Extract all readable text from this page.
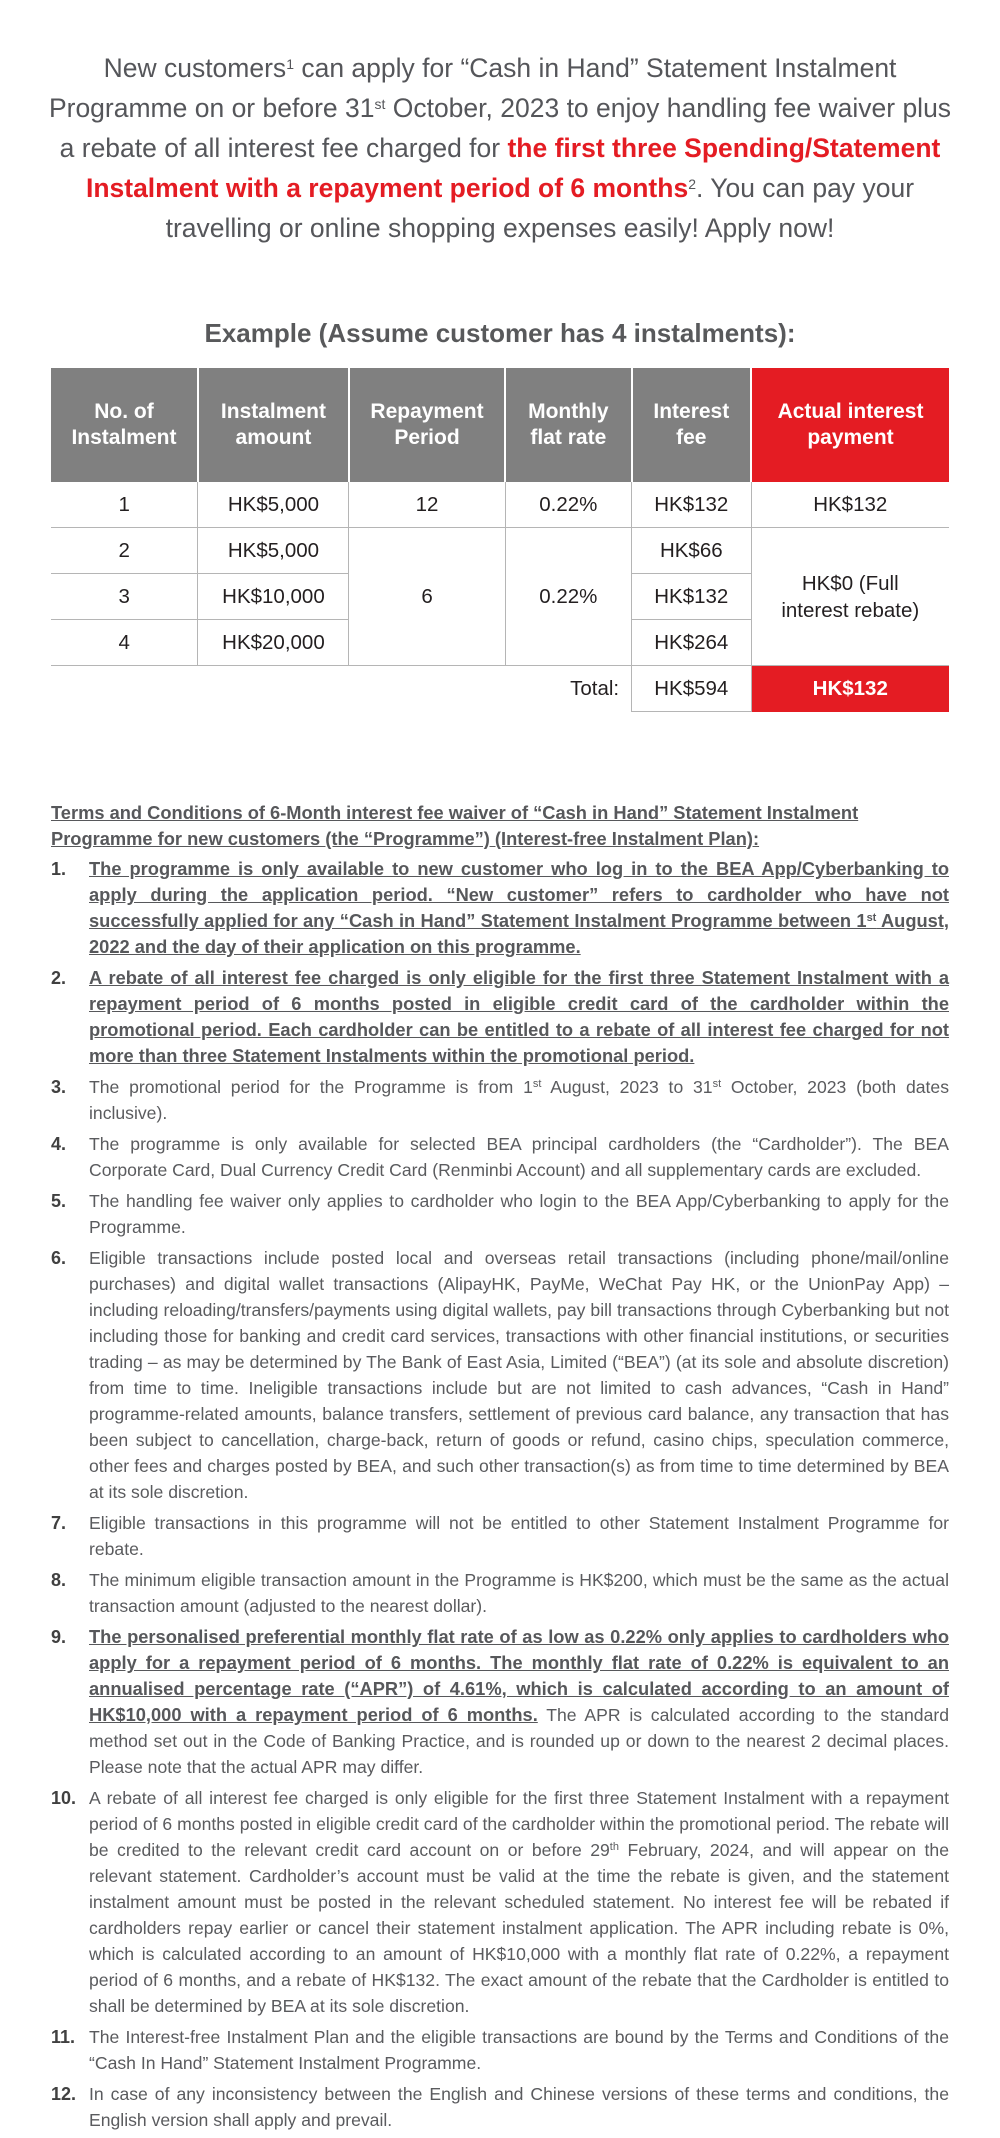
New customers$^1$ can apply for “Cash in Hand” Statement Instalment Programme on or before 31st October, 2023 to enjoy handling fee waiver plus a rebate of all interest fee charged for the first three Spending/Statement Instalment with a repayment period of 6 months$^2$. You can pay your travelling or online shopping expenses easily! Apply now!
Example (Assume customer has 4 instalments):
No. of Instalment	Instalment amount	Repayment Period	Monthly flat rate	Interest fee	Actual interest payment
1	HK$5,000	12	0.22%	HK$132	HK$132
2	HK$5,000	6	0.22%	HK$66	HK$0 (Full interest rebate)

3	HK$10,000			HK$132	
4	HK$20,000			HK$264	
Total:				HK$594	HK$132
Terms and Conditions of 6-Month interest fee waiver of “Cash in Hand” Statement Instalment Programme for new customers (the “Programme”) (Interest-free Instalment Plan):
1. The programme is only available to new customer who log in to the BEA App/Cyberbanking to apply during the application period. “New customer” refers to cardholder who have not successfully applied for any “Cash in Hand” Statement Instalment Programme between 1st August, 2022 and the day of their application on this programme.
2. A rebate of all interest fee charged is only eligible for the first three Statement Instalment with a repayment period of 6 months posted in eligible credit card of the cardholder within the promotional period. Each cardholder can be entitled to a rebate of all interest fee charged for not more than three Statement Instalments within the promotional period.
3. The promotional period for the Programme is from 1st August, 2023 to 31st October, 2023 (both dates inclusive).
4. The programme is only available for selected BEA principal cardholders (the “Cardholder”). The BEA Corporate Card, Dual Currency Credit Card (Renminbi Account) and all supplementary cards are excluded.
5. The handling fee waiver only applies to cardholder who login to the BEA App/Cyberbanking to apply for the Programme.
6. Eligible transactions include posted local and overseas retail transactions (including phone/mail/online purchases) and digital wallet transactions (AlipayHK, PayMe, WeChat Pay HK, or the UnionPay App) – including reloading/transfers/payments using digital wallets, pay bill transactions through Cyberbanking but not including those for banking and credit card services, transactions with other financial institutions, or securities trading – as may be determined by The Bank of East Asia, Limited (“BEA”) (at its sole and absolute discretion) from time to time. Ineligible transactions include but are not limited to cash advances, “Cash in Hand” programme-related amounts, balance transfers, settlement of previous card balance, any transaction that has been subject to cancellation, charge-back, return of goods or refund, casino chips, speculation commerce, other fees and charges posted by BEA, and such other transaction(s) as from time to time determined by BEA at its sole discretion.
7. Eligible transactions in this programme will not be entitled to other Statement Instalment Programme for rebate.
8. The minimum eligible transaction amount in the Programme is HK$200, which must be the same as the actual transaction amount (adjusted to the nearest dollar).
9. The personalised preferential monthly flat rate of as low as 0.22% only applies to cardholders who apply for a repayment period of 6 months. The monthly flat rate of 0.22% is equivalent to an annualised percentage rate (“APR”) of 4.61%, which is calculated according to an amount of HK$10,000 with a repayment period of 6 months. The APR is calculated according to the standard method set out in the Code of Banking Practice, and is rounded up or down to the nearest 2 decimal places. Please note that the actual APR may differ.
10. A rebate of all interest fee charged is only eligible for the first three Statement Instalment with a repayment period of 6 months posted in eligible credit card of the cardholder within the promotional period. The rebate will be credited to the relevant credit card account on or before 29th February, 2024, and will appear on the relevant statement. Cardholder’s account must be valid at the time the rebate is given, and the statement instalment amount must be posted in the relevant scheduled statement. No interest fee will be rebated if cardholders repay earlier or cancel their statement instalment application. The APR including rebate is 0%, which is calculated according to an amount of HK$10,000 with a monthly flat rate of 0.22%, a repayment period of 6 months, and a rebate of HK$132. The exact amount of the rebate that the Cardholder is entitled to shall be determined by BEA at its sole discretion.
11. The Interest-free Instalment Plan and the eligible transactions are bound by the Terms and Conditions of the “Cash In Hand” Statement Instalment Programme.
12. In case of any inconsistency between the English and Chinese versions of these terms and conditions, the English version shall apply and prevail.
